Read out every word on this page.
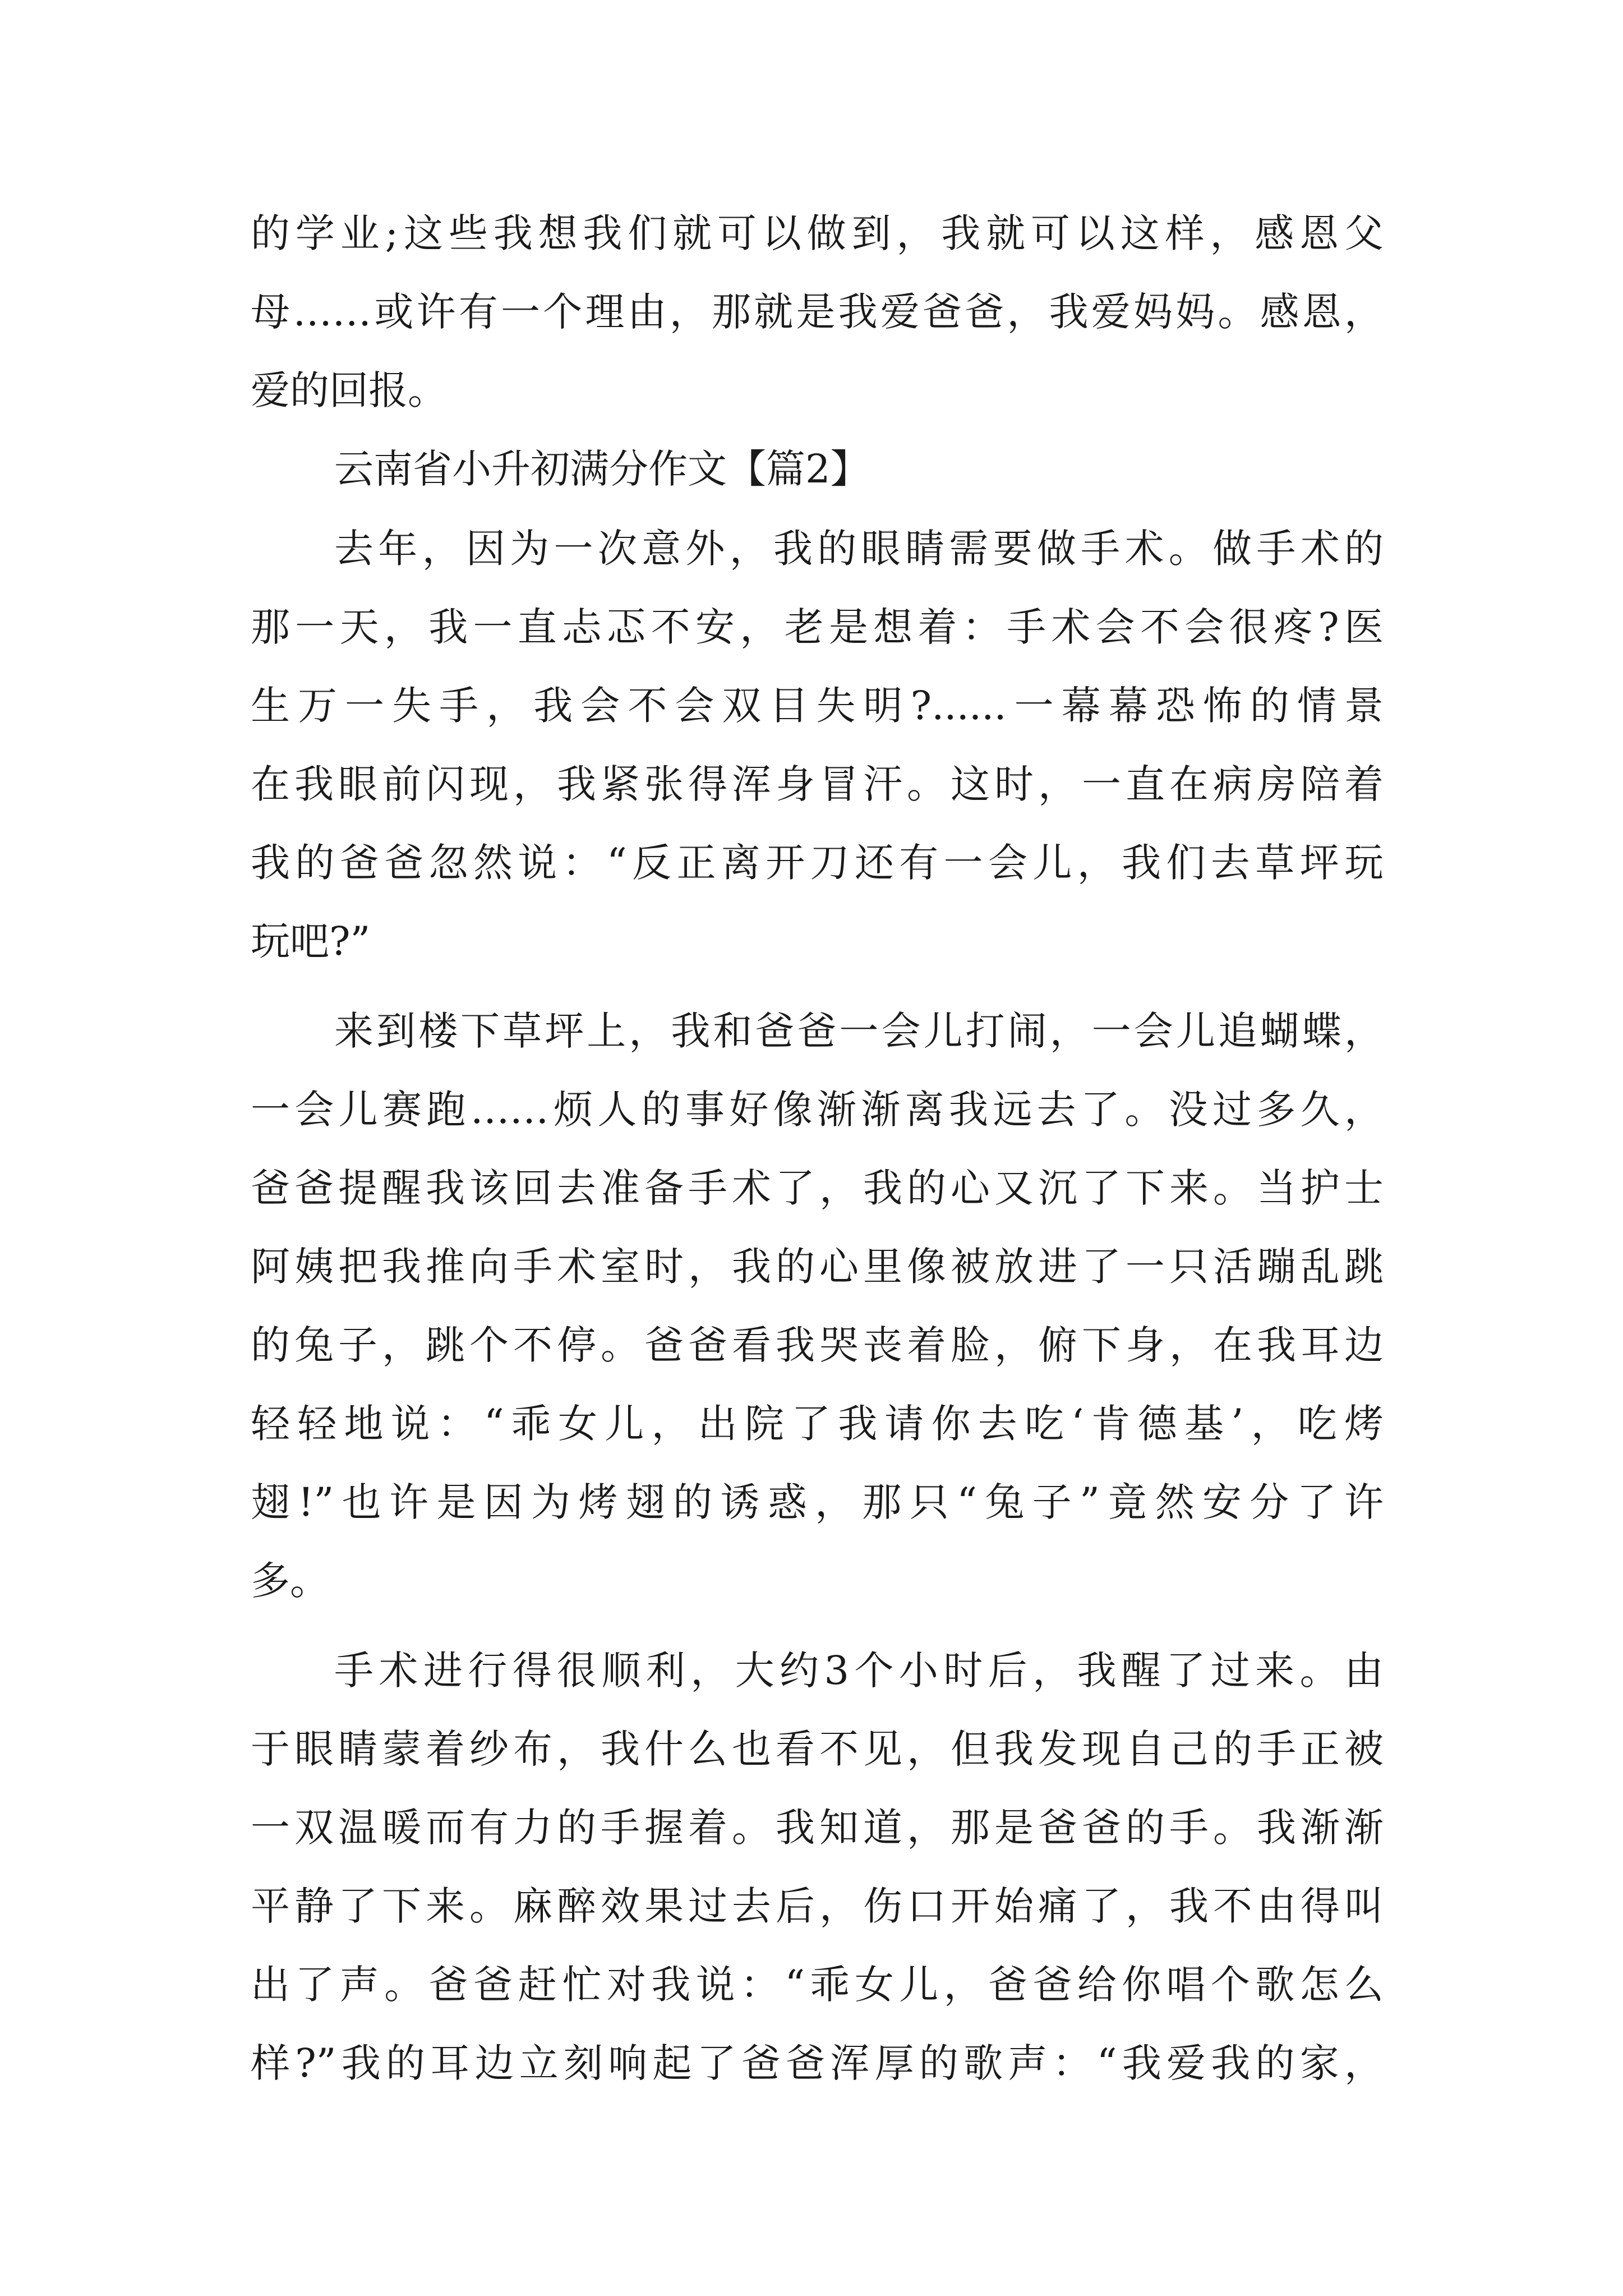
的学业;这些我想我们就可以做到，我就可以这样，感恩父
母……或许有一个理由，那就是我爱爸爸，我爱妈妈。感恩，
爱的回报。
云南省小升初满分作文【篇2】
去年，因为一次意外，我的眼睛需要做手术。做手术的
那一天，我一直忐忑不安，老是想着：手术会不会很疼?医
生万一失手，我会不会双目失明?......一幕幕恐怖的情景
在我眼前闪现，我紧张得浑身冒汗。这时，一直在病房陪着
我的爸爸忽然说：“反正离开刀还有一会儿，我们去草坪玩
玩吧?”
来到楼下草坪上，我和爸爸一会儿打闹，一会儿追蝴蝶，
一会儿赛跑……烦人的事好像渐渐离我远去了。没过多久，
爸爸提醒我该回去准备手术了，我的心又沉了下来。当护士
阿姨把我推向手术室时，我的心里像被放进了一只活蹦乱跳
的兔子，跳个不停。爸爸看我哭丧着脸，俯下身，在我耳边
轻轻地说：“乖女儿，出院了我请你去吃‘肯德基’，吃烤
翅!”也许是因为烤翅的诱惑，那只“兔子”竟然安分了许
多。
手术进行得很顺利，大约3个小时后，我醒了过来。由
于眼睛蒙着纱布，我什么也看不见，但我发现自己的手正被
一双温暖而有力的手握着。我知道，那是爸爸的手。我渐渐
平静了下来。麻醉效果过去后，伤口开始痛了，我不由得叫
出了声。爸爸赶忙对我说：“乖女儿，爸爸给你唱个歌怎么
样?”我的耳边立刻响起了爸爸浑厚的歌声：“我爱我的家，
